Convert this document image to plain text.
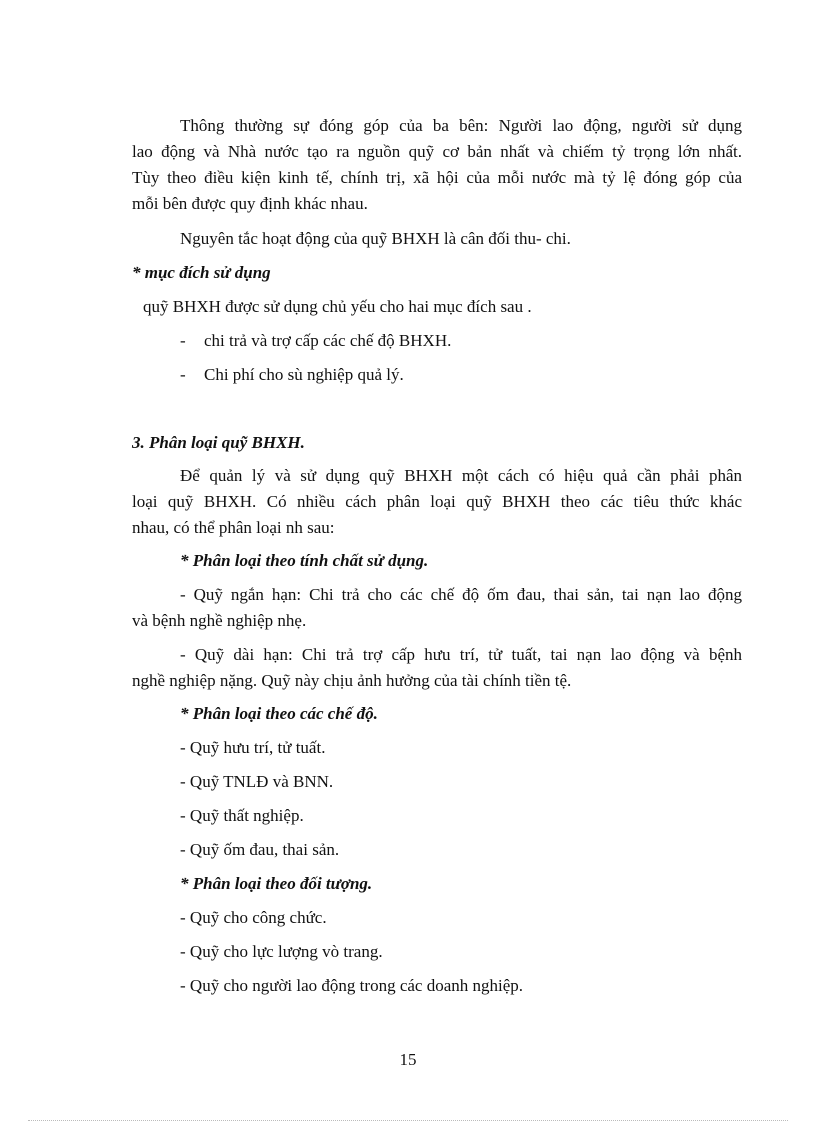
Thông thường sự đóng góp của ba bên: Người lao động, người sử dụng
lao động và Nhà nước tạo ra nguồn quỹ cơ bản nhất và chiếm tỷ trọng lớn nhất.
Tùy theo điều kiện kinh tế, chính trị, xã hội của mỗi nước mà tỷ lệ đóng góp của
mỗi bên được quy định khác nhau.
Nguyên tắc hoạt động của quỹ BHXH là cân đối thu- chi.
* mục đích sử dụng
quỹ BHXH được sử dụng chủ yếu cho hai mục đích sau .
- chi trả và trợ cấp các chế độ BHXH.
- Chi phí cho sù nghiệp quả lý.
3. Phân loại quỹ BHXH.
Để quản lý và sử dụng quỹ BHXH một cách có hiệu quả cần phải phân
loại quỹ BHXH. Có nhiều cách phân loại quỹ BHXH theo các tiêu thức khác
nhau, có thể phân loại nh sau:
* Phân loại theo tính chất sử dụng.
- Quỹ ngắn hạn: Chi trả cho các chế độ ốm đau, thai sản, tai nạn lao động
và bệnh nghề nghiệp nhẹ.
- Quỹ dài hạn: Chi trả trợ cấp hưu trí, tử tuất, tai nạn lao động và bệnh
nghề nghiệp nặng. Quỹ này chịu ảnh hưởng của tài chính tiền tệ.
* Phân loại theo các chế độ.
- Quỹ hưu trí, tử tuất.
- Quỹ TNLĐ và BNN.
- Quỹ thất nghiệp.
- Quỹ ốm đau, thai sản.
* Phân loại theo đối tượng.
- Quỹ cho công chức.
- Quỹ cho lực lượng vò trang.
- Quỹ cho người lao động trong các doanh nghiệp.
15
